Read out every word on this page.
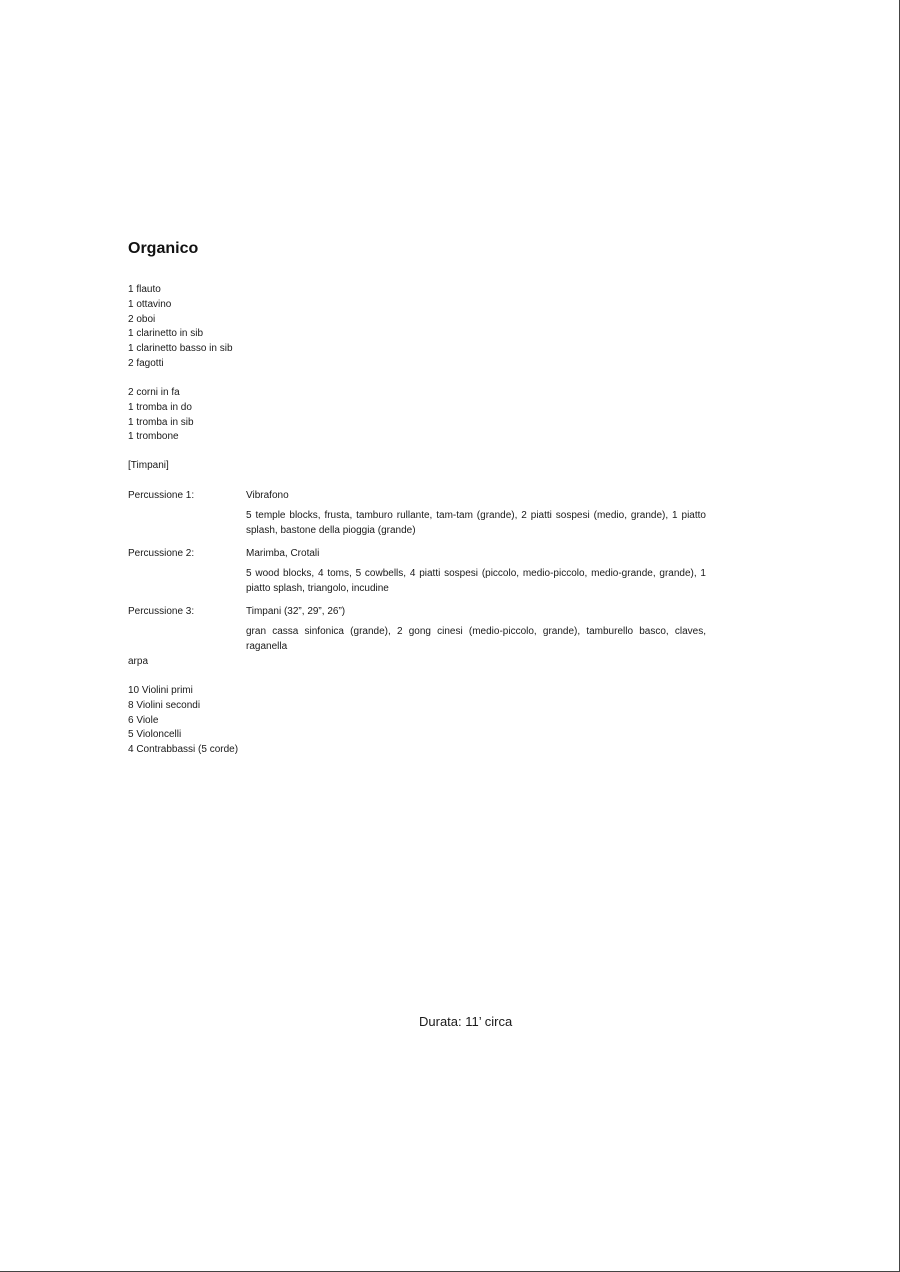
Organico
1 flauto
1 ottavino
2 oboi
1 clarinetto in sib
1 clarinetto basso in sib
2 fagotti
2 corni in fa
1 tromba in do
1 tromba in sib
1 trombone
[Timpani]
Percussione 1:	Vibrafono
5 temple blocks, frusta, tamburo rullante, tam-tam (grande), 2 piatti sospesi (medio, grande), 1 piatto splash, bastone della pioggia (grande)
Percussione 2:	Marimba, Crotali
5 wood blocks, 4 toms, 5 cowbells, 4 piatti sospesi (piccolo, medio-piccolo, medio-grande, grande), 1 piatto splash, triangolo, incudine
Percussione 3:	Timpani (32”, 29”, 26”)
gran cassa sinfonica (grande), 2 gong cinesi (medio-piccolo, grande), tamburello basco, claves, raganella
arpa
10 Violini primi
8 Violini secondi
6 Viole
5 Violoncelli
4 Contrabbassi (5 corde)
Durata: 11’ circa
